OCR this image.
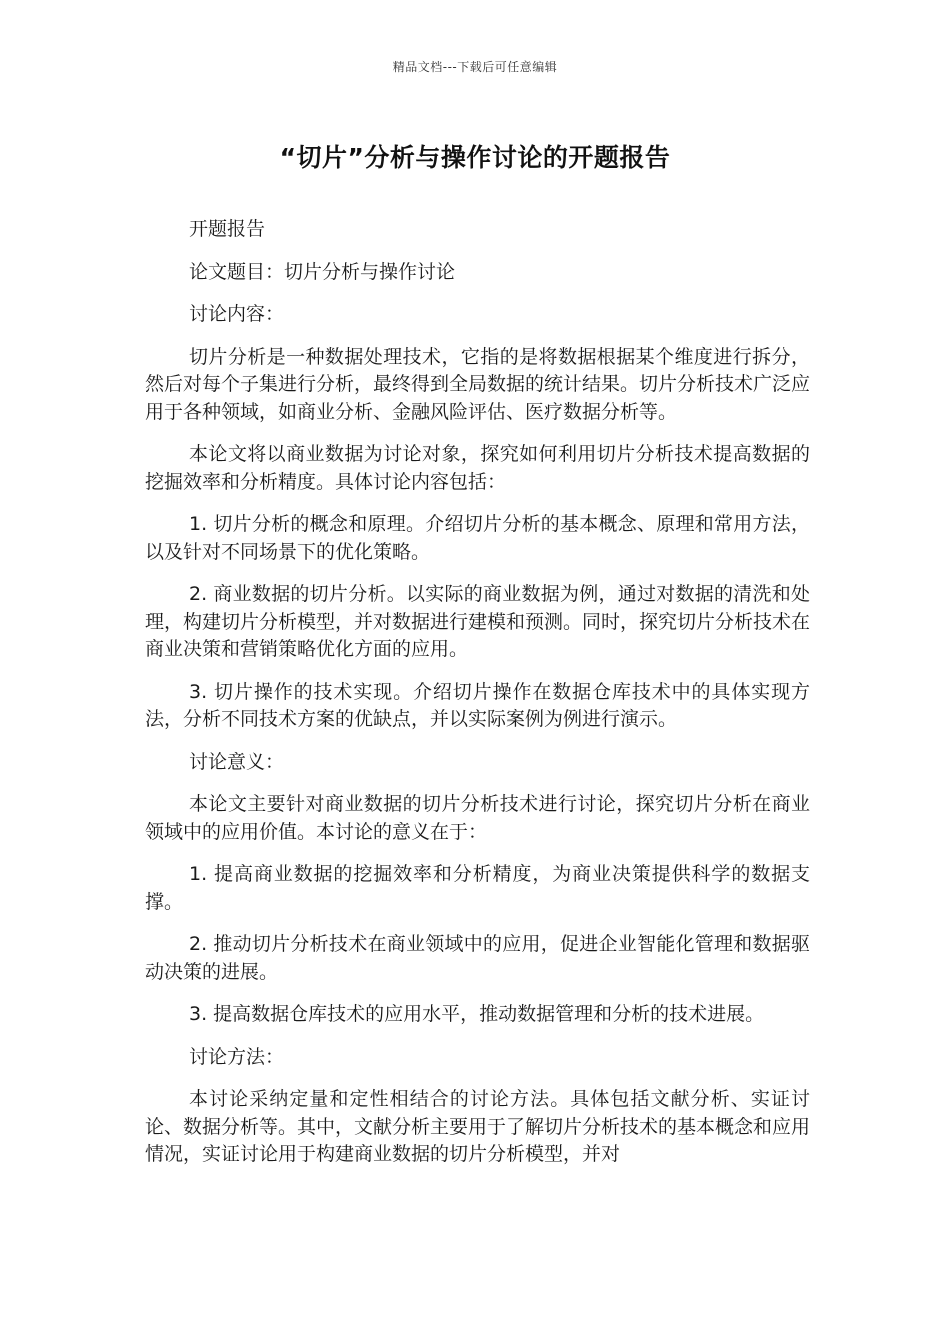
精品文档---下载后可任意编辑
“切片”分析与操作讨论的开题报告

开题报告

论文题目：切片分析与操作讨论

讨论内容：

切片分析是一种数据处理技术，它指的是将数据根据某个维度进行拆分，然后对每个子集进行分析，最终得到全局数据的统计结果。切片分析技术广泛应用于各种领域，如商业分析、金融风险评估、医疗数据分析等。

本论文将以商业数据为讨论对象，探究如何利用切片分析技术提高数据的挖掘效率和分析精度。具体讨论内容包括：

1. 切片分析的概念和原理。介绍切片分析的基本概念、原理和常用方法，以及针对不同场景下的优化策略。

2. 商业数据的切片分析。以实际的商业数据为例，通过对数据的清洗和处理，构建切片分析模型，并对数据进行建模和预测。同时，探究切片分析技术在商业决策和营销策略优化方面的应用。

3. 切片操作的技术实现。介绍切片操作在数据仓库技术中的具体实现方法，分析不同技术方案的优缺点，并以实际案例为例进行演示。

讨论意义：

本论文主要针对商业数据的切片分析技术进行讨论，探究切片分析在商业领域中的应用价值。本讨论的意义在于：

1. 提高商业数据的挖掘效率和分析精度，为商业决策提供科学的数据支撑。

2. 推动切片分析技术在商业领域中的应用，促进企业智能化管理和数据驱动决策的进展。

3. 提高数据仓库技术的应用水平，推动数据管理和分析的技术进展。

讨论方法：

本讨论采纳定量和定性相结合的讨论方法。具体包括文献分析、实证讨论、数据分析等。其中，文献分析主要用于了解切片分析技术的基本概念和应用情况，实证讨论用于构建商业数据的切片分析模型，并对
